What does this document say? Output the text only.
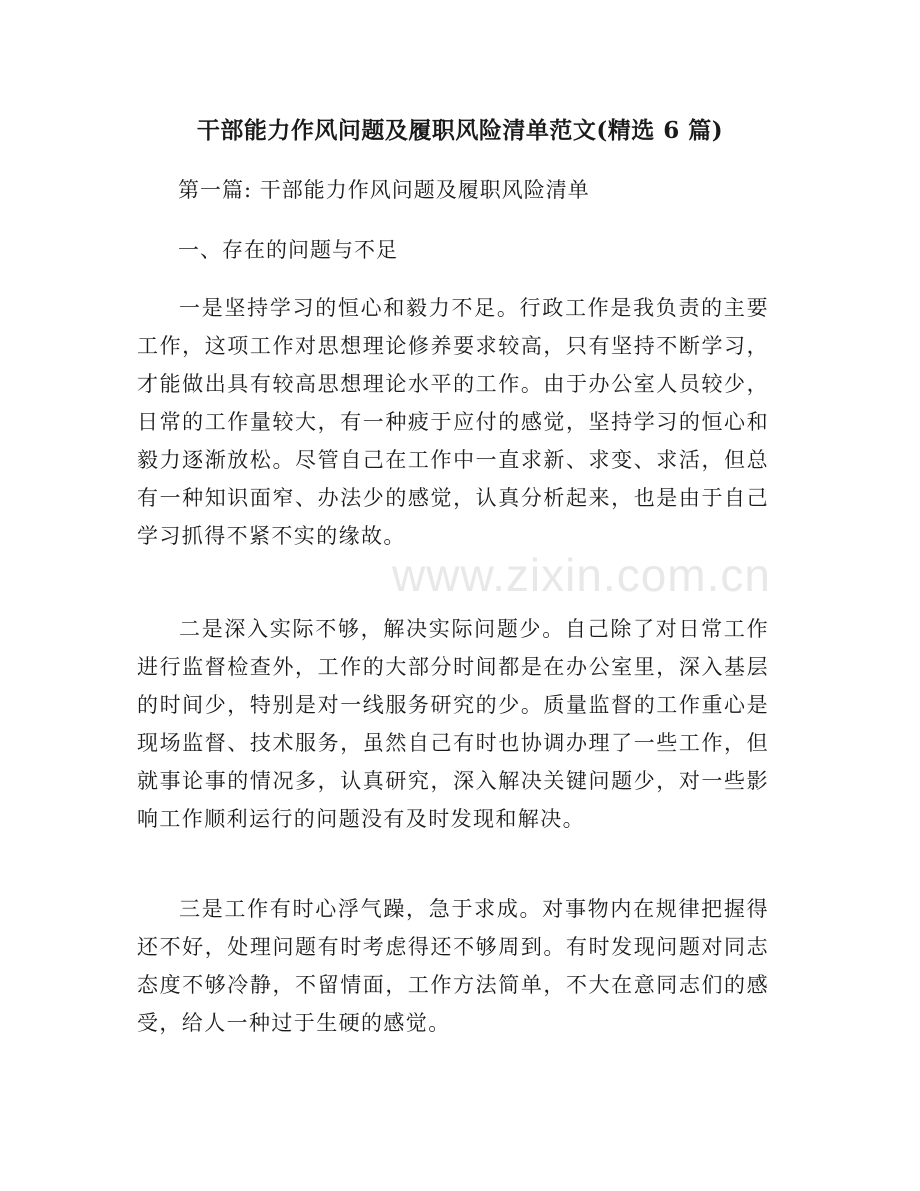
干部能力作风问题及履职风险清单范文(精选 6 篇)

第一篇: 干部能力作风问题及履职风险清单

一、存在的问题与不足

一是坚持学习的恒心和毅力不足。行政工作是我负责的主要工作，这项工作对思想理论修养要求较高，只有坚持不断学习，才能做出具有较高思想理论水平的工作。由于办公室人员较少，日常的工作量较大，有一种疲于应付的感觉，坚持学习的恒心和毅力逐渐放松。尽管自己在工作中一直求新、求变、求活，但总有一种知识面窄、办法少的感觉，认真分析起来，也是由于自己学习抓得不紧不实的缘故。

二是深入实际不够，解决实际问题少。自己除了对日常工作进行监督检查外，工作的大部分时间都是在办公室里，深入基层的时间少，特别是对一线服务研究的少。质量监督的工作重心是现场监督、技术服务，虽然自己有时也协调办理了一些工作，但就事论事的情况多，认真研究，深入解决关键问题少，对一些影响工作顺利运行的问题没有及时发现和解决。

三是工作有时心浮气躁，急于求成。对事物内在规律把握得还不好，处理问题有时考虑得还不够周到。有时发现问题对同志态度不够冷静，不留情面，工作方法简单，不大在意同志们的感受，给人一种过于生硬的感觉。

www.zixin.com.cn
